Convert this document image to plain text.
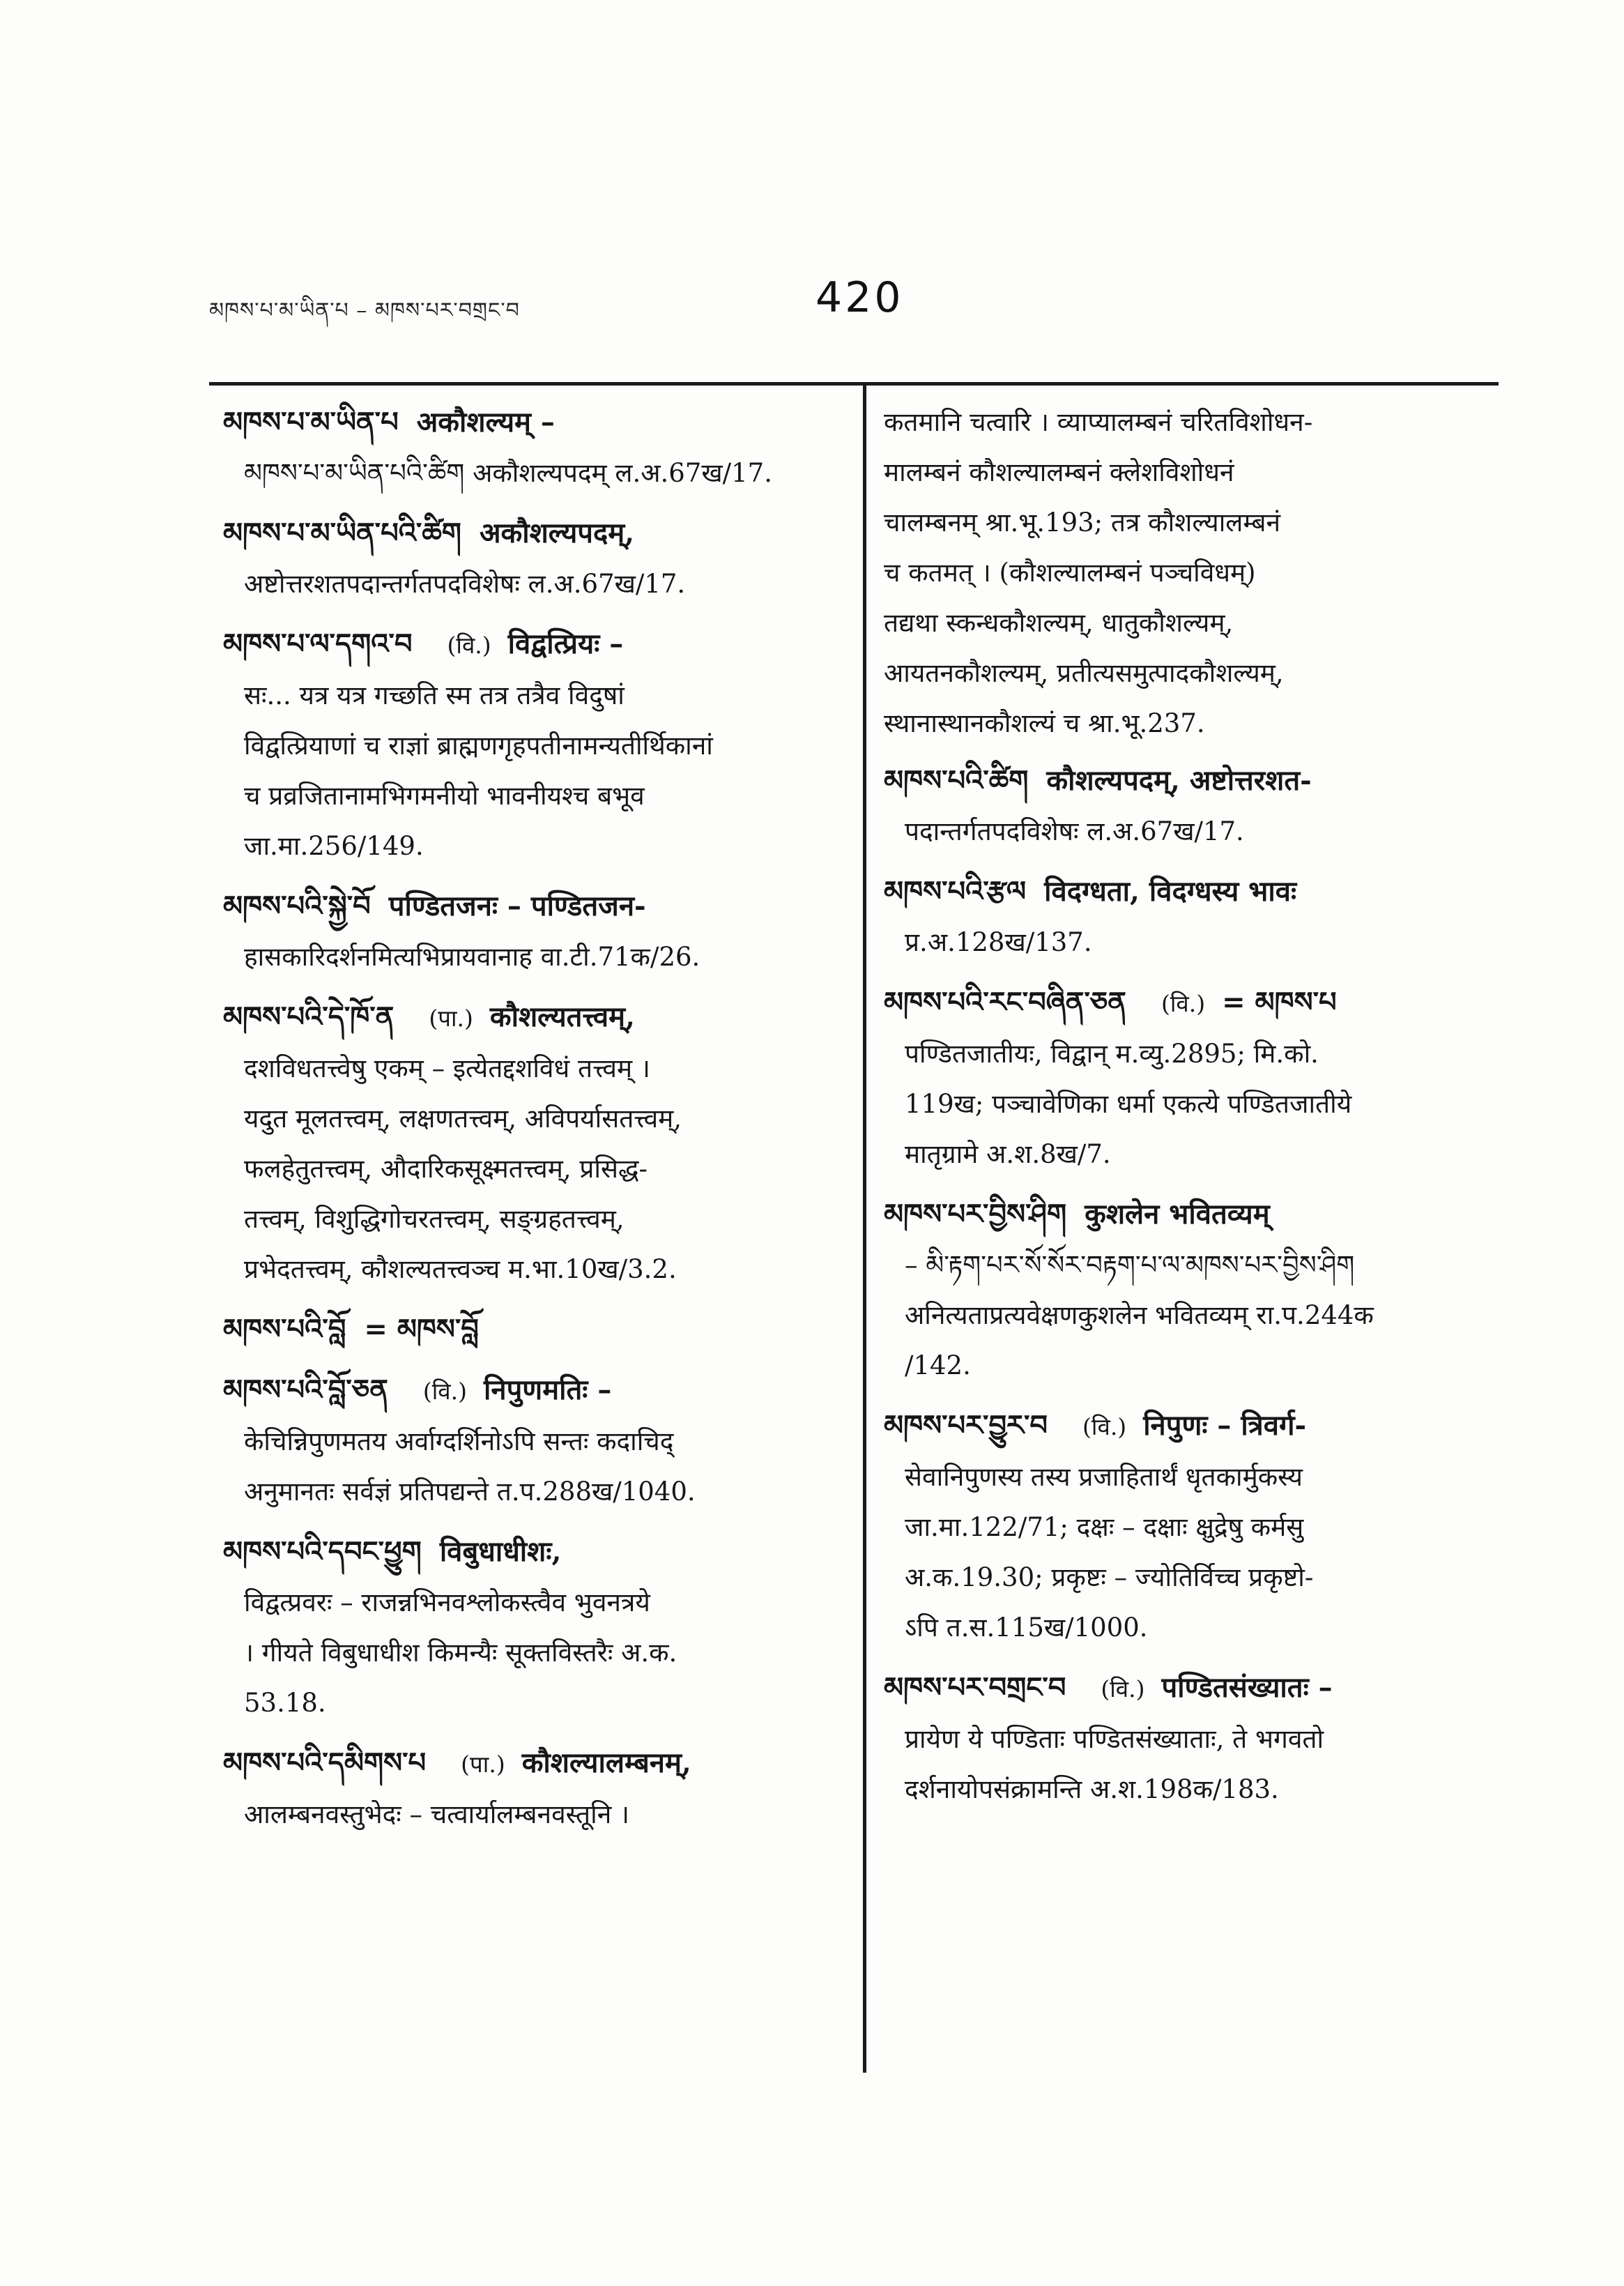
མཁས་པ་མ་ཡིན་པ – མཁས་པར་བགྲང་བ	420
མཁས་པ་མ་ཡིན་པ अकौशल्यम् –
མཁས་པ་མ་ཡིན་པའི་ཚིག अकौशल्यपदम् ल.अ.67ख/17.
མཁས་པ་མ་ཡིན་པའི་ཚིག अकौशल्यपदम्,
अष्टोत्तरशतपदान्तर्गतपदविशेषः ल.अ.67ख/17.
མཁས་པ་ལ་དགའ་བ (वि.) विद्वत्प्रियः –
सः... यत्र यत्र गच्छति स्म तत्र तत्रैव विदुषां
विद्वत्प्रियाणां च राज्ञां ब्राह्मणगृहपतीनामन्यतीर्थिकानां
च प्रव्रजितानामभिगमनीयो भावनीयश्च बभूव
जा.मा.256/149.
མཁས་པའི་སྐྱེ་བོ पण्डितजनः – पण्डितजन-
हासकारिदर्शनमित्यभिप्रायवानाह वा.टी.71क/26.
མཁས་པའི་དེ་ཁོ་ན (पा.) कौशल्यतत्त्वम्,
दशविधतत्त्वेषु एकम् – इत्येतद्दशविधं तत्त्वम् ।
यदुत मूलतत्त्वम्, लक्षणतत्त्वम्, अविपर्यासतत्त्वम्,
फलहेतुतत्त्वम्, औदारिकसूक्ष्मतत्त्वम्, प्रसिद्ध-
तत्त्वम्, विशुद्धिगोचरतत्त्वम्, सङ्ग्रहतत्त्वम्,
प्रभेदतत्त्वम्, कौशल्यतत्त्वञ्च म.भा.10ख/3.2.
མཁས་པའི་བློ = མཁས་བློ
མཁས་པའི་བློ་ཅན (वि.) निपुणमतिः –
केचिन्निपुणमतय अर्वाग्दर्शिनोऽपि सन्तः कदाचिद्
अनुमानतः सर्वज्ञं प्रतिपद्यन्ते त.प.288ख/1040.
མཁས་པའི་དབང་ཕྱུག विबुधाधीशः,
विद्वत्प्रवरः – राजन्नभिनवश्लोकस्त्वैव भुवनत्रये
। गीयते विबुधाधीश किमन्यैः सूक्तविस्तरैः अ.क.
53.18.
མཁས་པའི་དམིགས་པ (पा.) कौशल्यालम्बनम्,
आलम्बनवस्तुभेदः – चत्वार्यालम्बनवस्तूनि ।
कतमानि चत्वारि । व्याप्यालम्बनं चरितविशोधन-
मालम्बनं कौशल्यालम्बनं क्लेशविशोधनं
चालम्बनम् श्रा.भू.193; तत्र कौशल्यालम्बनं
च कतमत् । (कौशल्यालम्बनं पञ्चविधम्)
तद्यथा स्कन्धकौशल्यम्, धातुकौशल्यम्,
आयतनकौशल्यम्, प्रतीत्यसमुत्पादकौशल्यम्,
स्थानास्थानकौशल्यं च श्रा.भू.237.
མཁས་པའི་ཚིག कौशल्यपदम्, अष्टोत्तरशत-
पदान्तर्गतपदविशेषः ल.अ.67ख/17.
མཁས་པའི་རྩལ विदग्धता, विदग्धस्य भावः
प्र.अ.128ख/137.
མཁས་པའི་རང་བཞིན་ཅན (वि.) = མཁས་པ
पण्डितजातीयः, विद्वान् म.व्यु.2895; मि.को.
119ख; पञ्चावेणिका धर्मा एकत्ये पण्डितजातीये
मातृग्रामे अ.श.8ख/7.
མཁས་པར་བྱིས་ཤིག कुशलेन भवितव्यम्
– མི་རྟག་པར་སོ་སོར་བརྟག་པ་ལ་མཁས་པར་བྱིས་ཤིག
अनित्यताप्रत्यवेक्षणकुशलेन भवितव्यम् रा.प.244क
/142.
མཁས་པར་བྱུར་བ (वि.) निपुणः – त्रिवर्ग-
सेवानिपुणस्य तस्य प्रजाहितार्थं धृतकार्मुकस्य
जा.मा.122/71; दक्षः – दक्षाः क्षुद्रेषु कर्मसु
अ.क.19.30; प्रकृष्टः – ज्योतिर्विच्च प्रकृष्टो-
ऽपि त.स.115ख/1000.
མཁས་པར་བགྲང་བ (वि.) पण्डितसंख्यातः –
प्रायेण ये पण्डिताः पण्डितसंख्याताः, ते भगवतो
दर्शनायोपसंक्रामन्ति अ.श.198क/183.
